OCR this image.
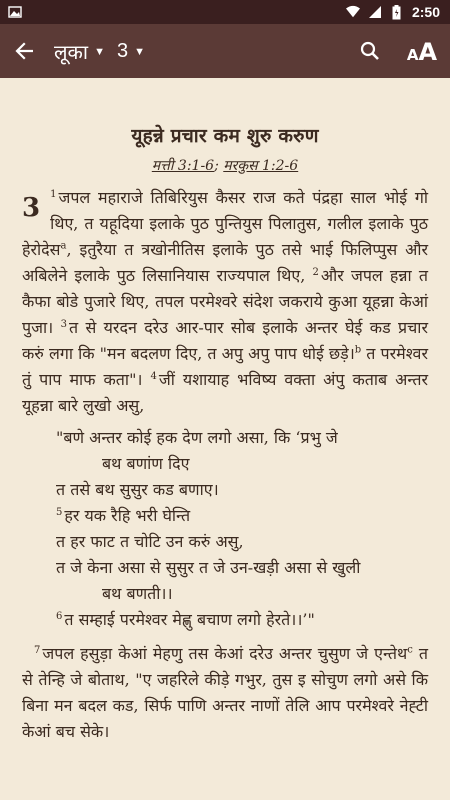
2:50
लूका ▼ 3 ▼	AA
यूहन्ने प्रचार कम शुरु करुण
मत्ती 3:1-6; मरकुस 1:2-6
3 $^1$ जपल महाराजे तिबिरियुस कैसर राज कते पंद्रहा साल भोई गो थिए, त यहूदिया इलाके पुठ पुन्तियुस पिलातुस, गलील इलाके पुठ हेरोदेस$^a$, इतुरैया त त्रखोनीतिस इलाके पुठ तसे भाई फिलिप्पुस और अबिलेने इलाके पुठ लिसानियास राज्यपाल थिए, $^2$ और जपल हन्ना त कैफा बोडे पुजारे थिए, तपल परमेश्वरे संदेश जकराये कुआ यूहन्ना केआं पुजा। $^3$ त से यरदन दरेउ आर-पार सोब इलाके अन्तर घेई कड प्रचार करुं लगा कि "मन बदलण दिए, त अपु अपु पाप धोई छड़े।$^b$ त परमेश्वर तुं पाप माफ कता"। $^4$ जीं यशायाह भविष्य वक्ता अंपु कताब अन्तर यूहन्ना बारे लुखो असु,
"बणे अन्तर कोई हक देण लगो असा, कि ‘प्रभु जे
बथ बणांण दिए
त तसे बथ सुसुर कड बणाए।
$^5$ हर यक रैहि भरी घेन्ति
त हर फाट त चोटि उन करुं असु,
त जे केना असा से सुसुर त जे उन-खड़ी असा से खुली
बथ बणती।।
$^6$ त सम्हाई परमेश्वर मेह्णु बचाण लगो हेरते।।’"
$^7$ जपल हसुड़ा केआं मेहणु तस केआं दरेउ अन्तर चुसुण जे एन्तेथ$^c$ त से तेन्हि जे बोताथ, "ए जहरिले कीड़े गभुर, तुस इ सोचुण लगो असे कि बिना मन बदल कड, सिर्फ पाणि अन्तर नाणों तेलि आप परमेश्वरे नेह्टी केआं बच सेके।
